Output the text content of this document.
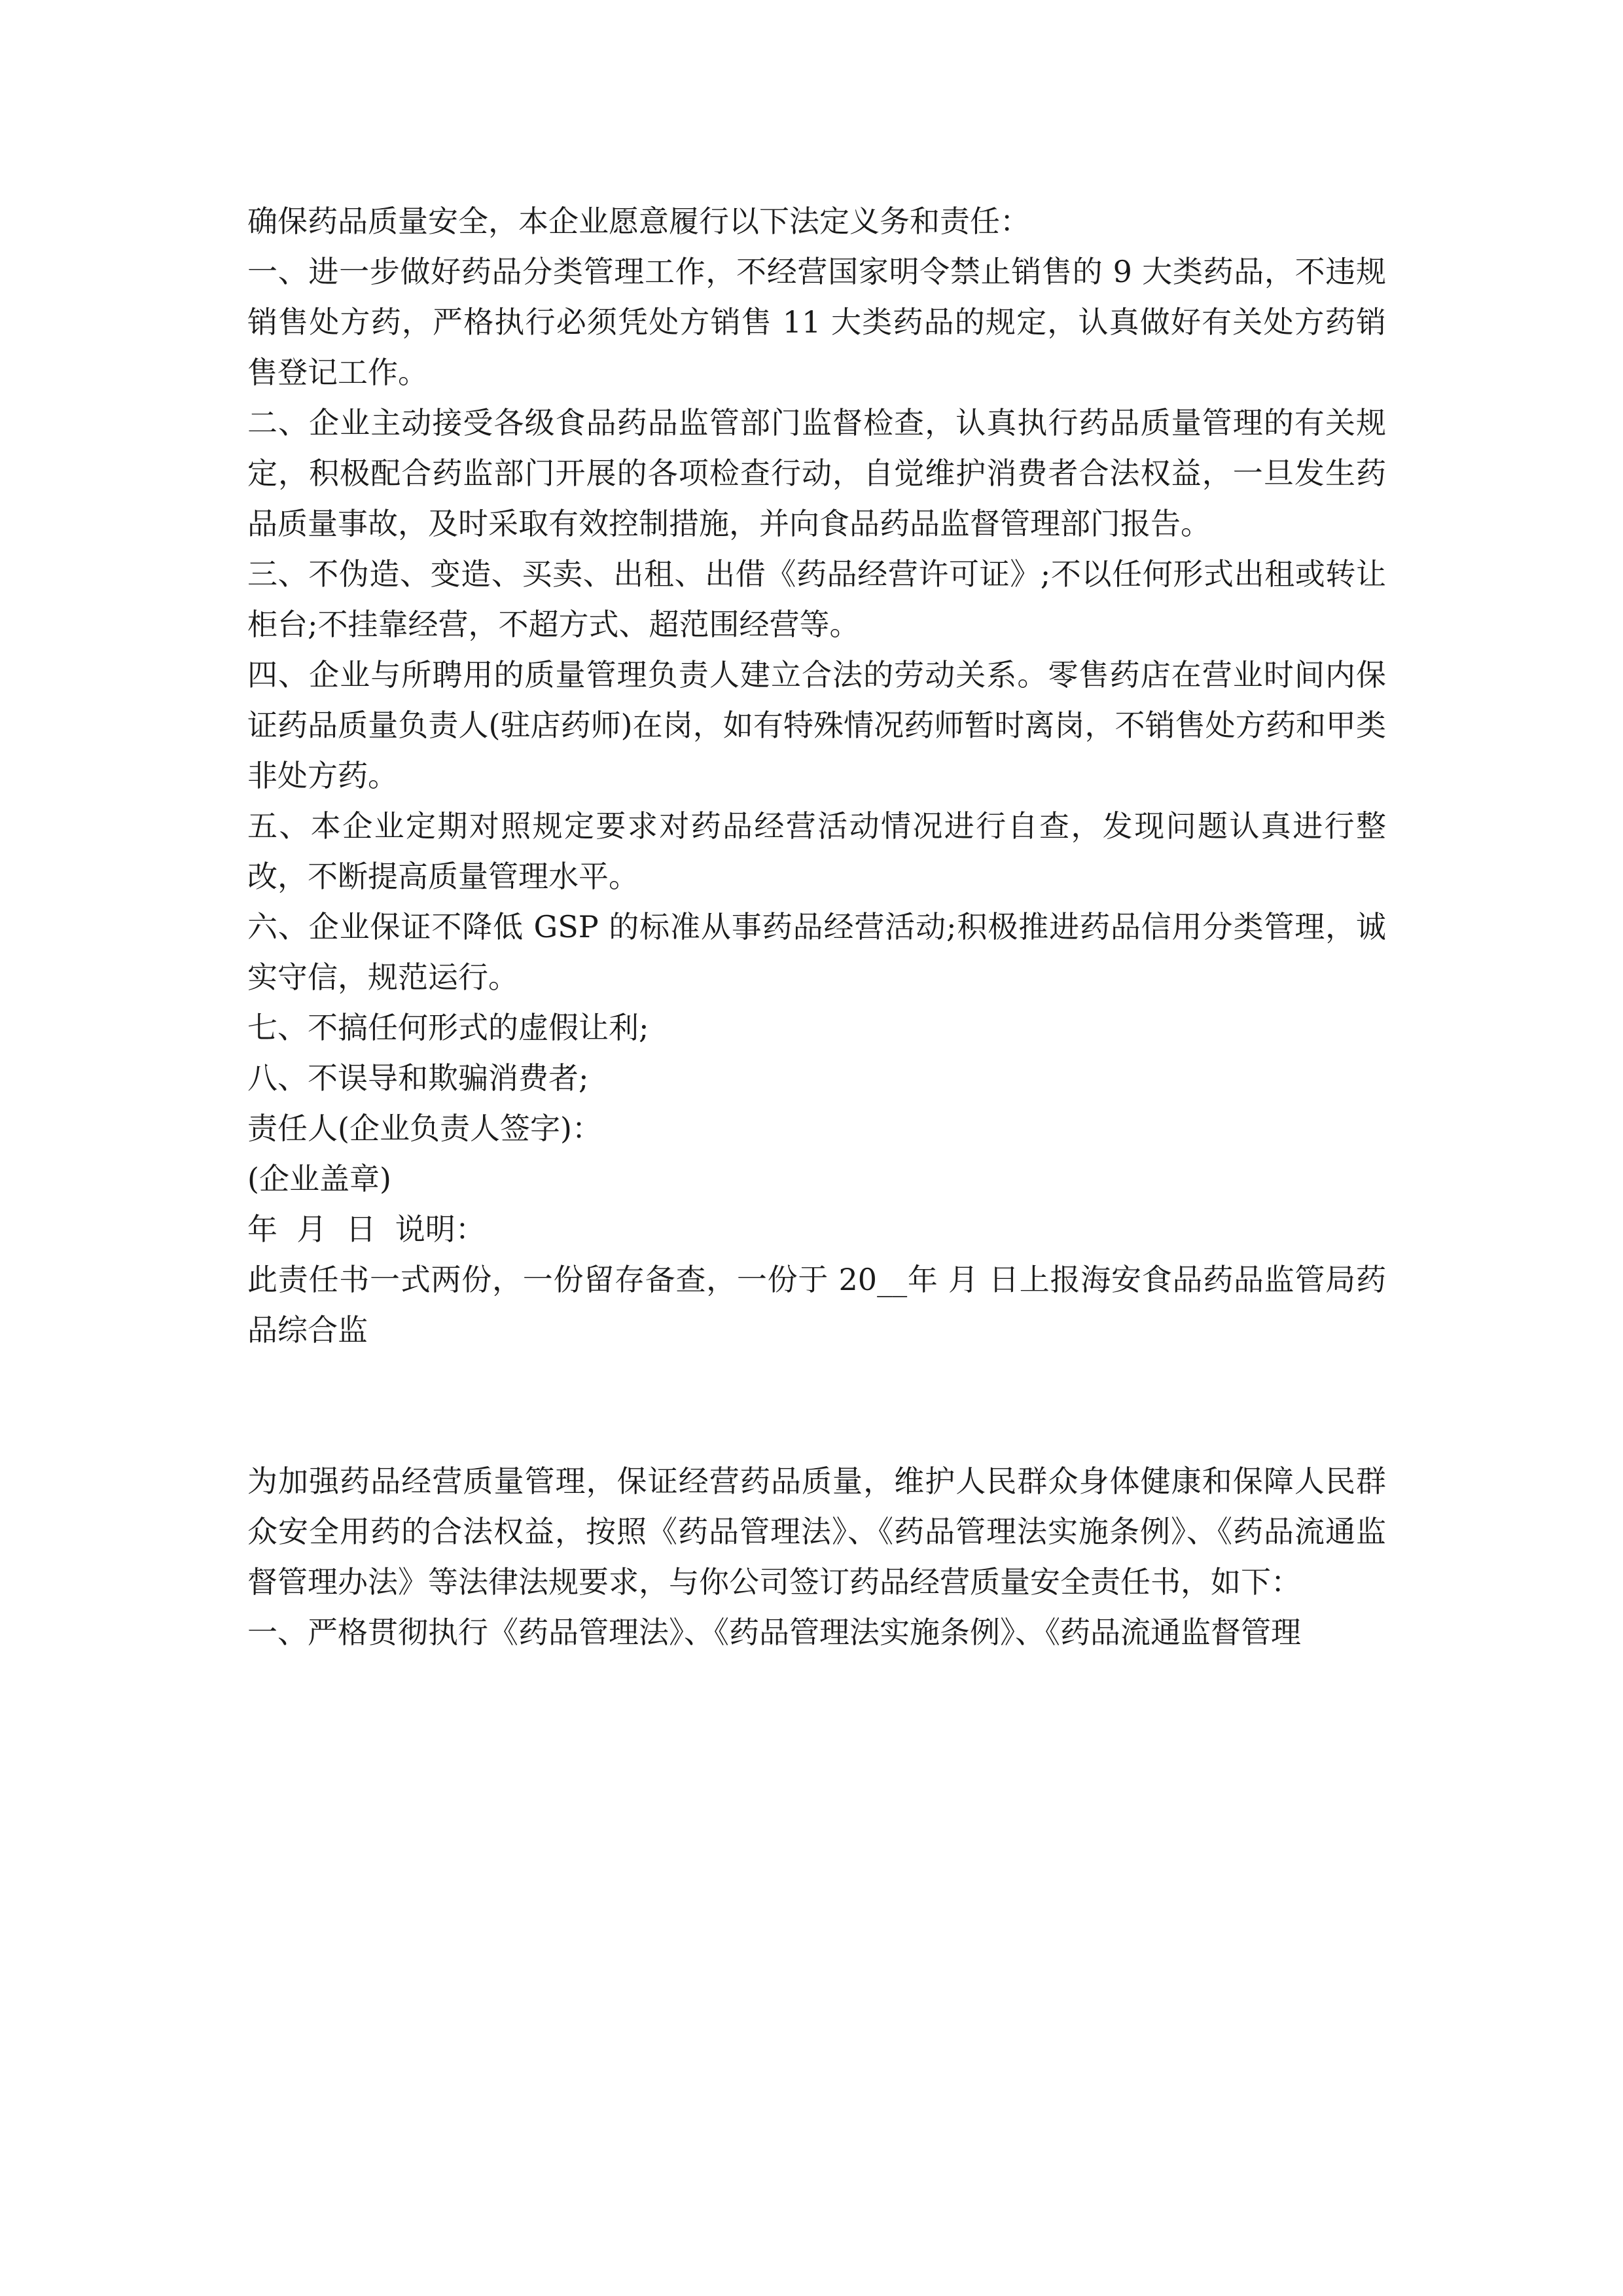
确保药品质量安全，本企业愿意履行以下法定义务和责任：

一、进一步做好药品分类管理工作，不经营国家明令禁止销售的 9 大类药品，不违规销售处方药，严格执行必须凭处方销售 11 大类药品的规定，认真做好有关处方药销售登记工作。

二、企业主动接受各级食品药品监管部门监督检查，认真执行药品质量管理的有关规定，积极配合药监部门开展的各项检查行动，自觉维护消费者合法权益，一旦发生药品质量事故，及时采取有效控制措施，并向食品药品监督管理部门报告。

三、不伪造、变造、买卖、出租、出借《药品经营许可证》;不以任何形式出租或转让柜台;不挂靠经营，不超方式、超范围经营等。

四、企业与所聘用的质量管理负责人建立合法的劳动关系。零售药店在营业时间内保证药品质量负责人(驻店药师)在岗，如有特殊情况药师暂时离岗，不销售处方药和甲类非处方药。

五、本企业定期对照规定要求对药品经营活动情况进行自查，发现问题认真进行整改，不断提高质量管理水平。

六、企业保证不降低 GSP 的标准从事药品经营活动;积极推进药品信用分类管理，诚实守信，规范运行。

七、不搞任何形式的虚假让利;

八、不误导和欺骗消费者;

责任人(企业负责人签字)：

(企业盖章)

年  月  日  说明：

此责任书一式两份，一份留存备查，一份于 20__年 月 日上报海安食品药品监管局药品综合监

为加强药品经营质量管理，保证经营药品质量，维护人民群众身体健康和保障人民群众安全用药的合法权益，按照《药品管理法》、《药品管理法实施条例》、《药品流通监督管理办法》等法律法规要求，与你公司签订药品经营质量安全责任书，如下：

一、严格贯彻执行《药品管理法》、《药品管理法实施条例》、《药品流通监督管理
